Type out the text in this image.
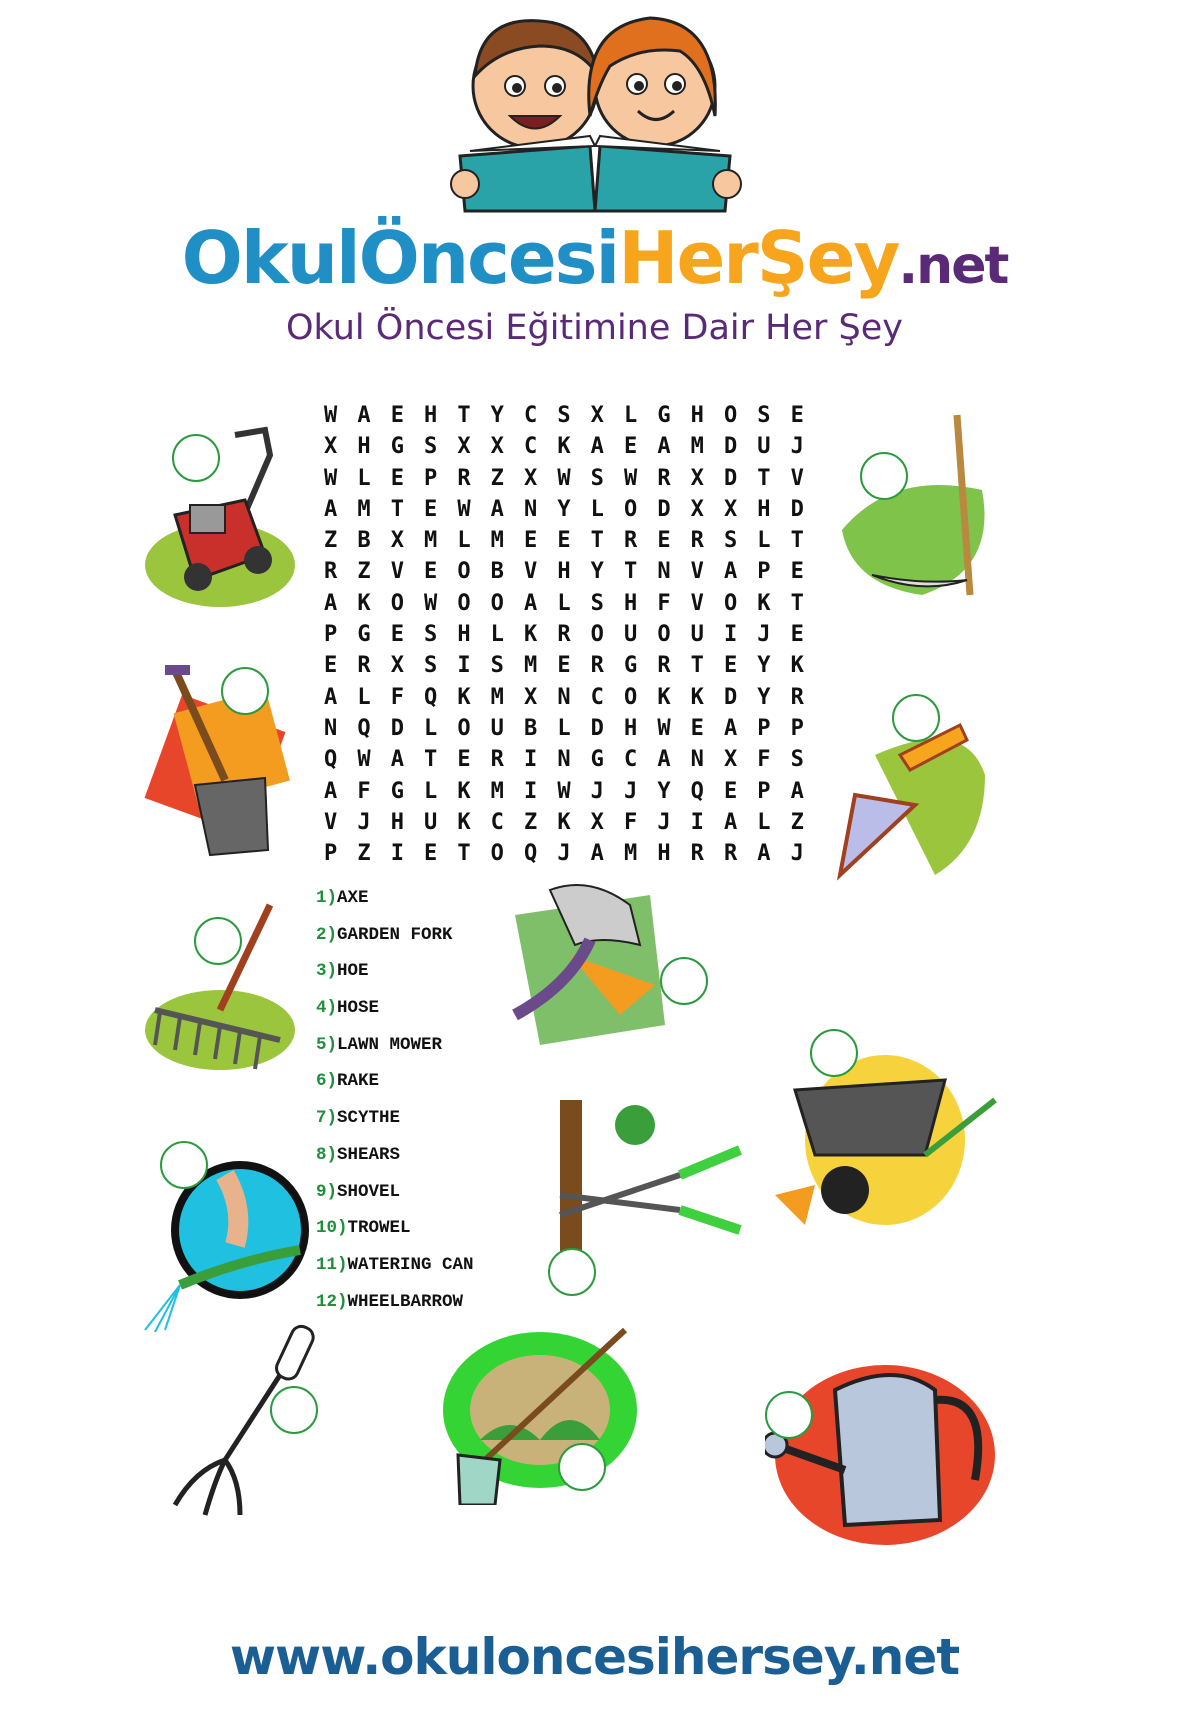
OkulÖncesiHerŞey.net
Okul Öncesi Eğitimine Dair Her Şey
W A E H T Y C S X L G H O S E
X H G S X X C K A E A M D U J
W L E P R Z X W S W R X D T V
A M T E W A N Y L O D X X H D
Z B X M L M E E T R E R S L T
R Z V E O B V H Y T N V A P E
A K O W O O A L S H F V O K T
P G E S H L K R O U O U I J E
E R X S I S M E R G R T E Y K
A L F Q K M X N C O K K D Y R
N Q D L O U B L D H W E A P P
Q W A T E R I N G C A N X F S
A F G L K M I W J J Y Q E P A
V J H U K C Z K X F J I A L Z
P Z I E T O Q J A M H R R A J
1)AXE
2)GARDEN FORK
3)HOE
4)HOSE
5)LAWN MOWER
6)RAKE
7)SCYTHE
8)SHEARS
9)SHOVEL
10)TROWEL
11)WATERING CAN
12)WHEELBARROW
www.okuloncesihersey.net
